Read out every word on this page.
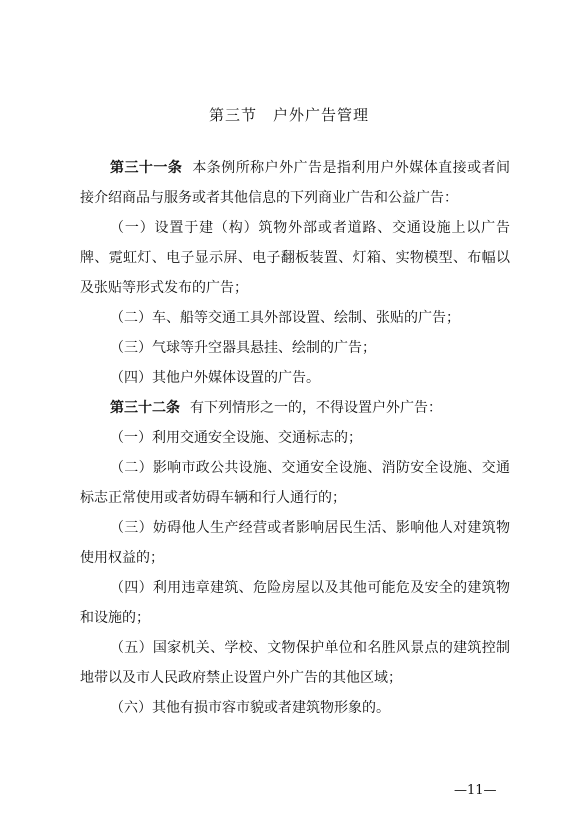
第三节　户外广告管理

第三十一条 本条例所称户外广告是指利用户外媒体直接或者间接介绍商品与服务或者其他信息的下列商业广告和公益广告：

（一）设置于建（构）筑物外部或者道路、交通设施上以广告牌、霓虹灯、电子显示屏、电子翻板装置、灯箱、实物模型、布幅以及张贴等形式发布的广告；

（二）车、船等交通工具外部设置、绘制、张贴的广告；

（三）气球等升空器具悬挂、绘制的广告；

（四）其他户外媒体设置的广告。

第三十二条 有下列情形之一的，不得设置户外广告：

（一）利用交通安全设施、交通标志的；

（二）影响市政公共设施、交通安全设施、消防安全设施、交通标志正常使用或者妨碍车辆和行人通行的；

（三）妨碍他人生产经营或者影响居民生活、影响他人对建筑物使用权益的；

（四）利用违章建筑、危险房屋以及其他可能危及安全的建筑物和设施的；

（五）国家机关、学校、文物保护单位和名胜风景点的建筑控制地带以及市人民政府禁止设置户外广告的其他区域；

（六）其他有损市容市貌或者建筑物形象的。

—11—
